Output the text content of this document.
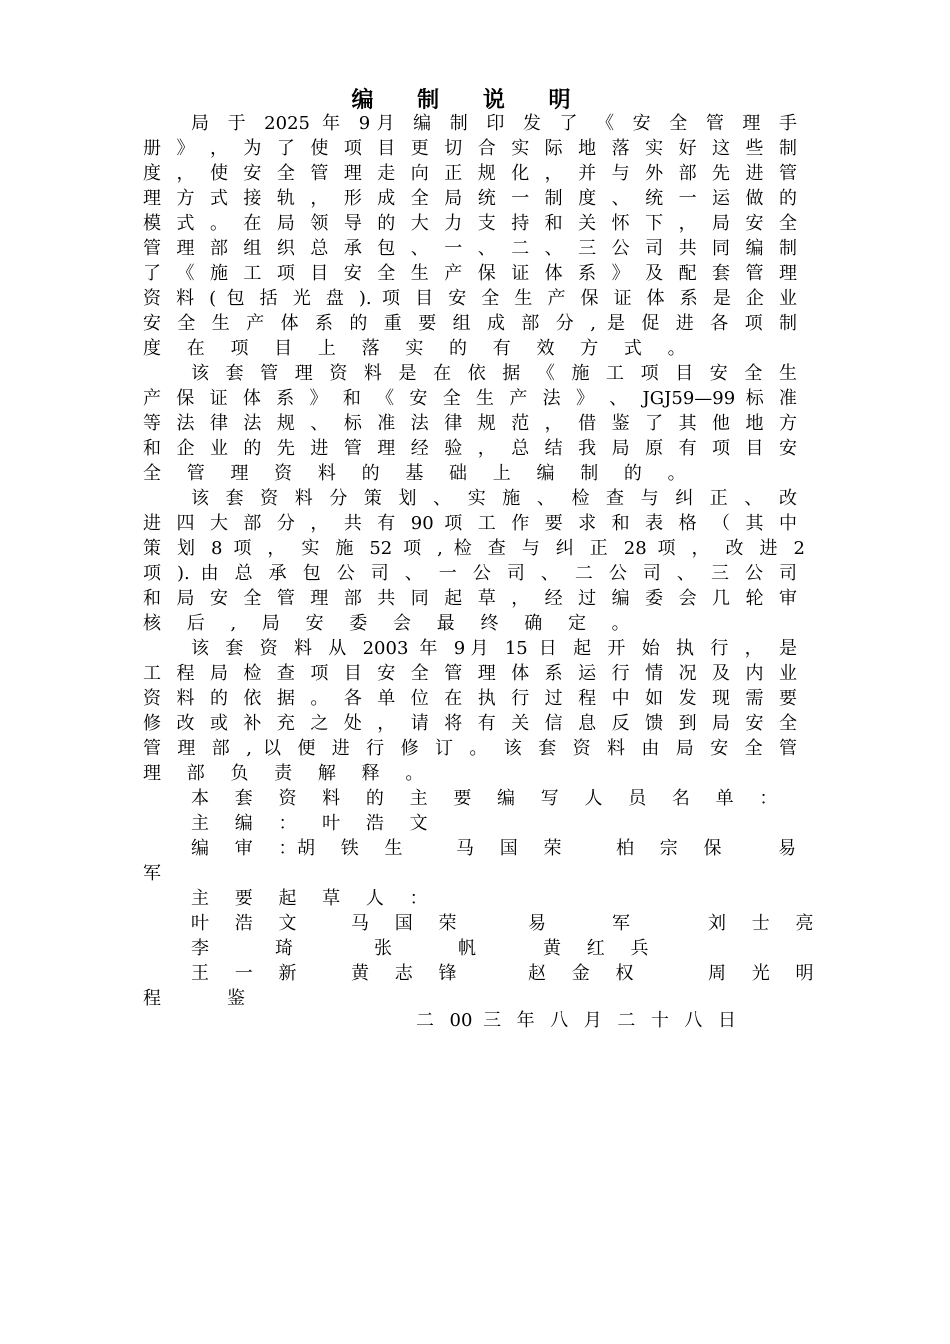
编 制 说 明
局 于 2025 年 9月 编 制 印 发 了 《 安 全 管 理 手
册 》 ， 为 了 使 项 目 更 切 合 实 际 地 落 实 好 这 些 制
度 ， 使 安 全 管 理 走 向 正 规 化 ， 并 与 外 部 先 进 管
理 方 式 接 轨 ， 形 成 全 局 统 一 制 度 、 统 一 运 做 的
模 式 。 在 局 领 导 的 大 力 支 持 和 关 怀 下 ， 局 安 全
管 理 部 组 织 总 承 包 、 一 、 二 、 三 公 司 共 同 编 制
了 《 施 工 项 目 安 全 生 产 保 证 体 系 》 及 配 套 管 理
资 料 ( 包 括 光 盘 ). 项 目 安 全 生 产 保 证 体 系 是 企 业
安 全 生 产 体 系 的 重 要 组 成 部 分 , 是 促 进 各 项 制
度 在 项 目 上 落 实 的 有 效 方 式 。
该 套 管 理 资 料 是 在 依 据 《 施 工 项 目 安 全 生
产 保 证 体 系 》 和 《 安 全 生 产 法 》 、 JGJ59—99 标 准
等 法 律 法 规 、 标 准 法 律 规 范 ， 借 鉴 了 其 他 地 方
和 企 业 的 先 进 管 理 经 验 ， 总 结 我 局 原 有 项 目 安
全 管 理 资 料 的 基 础 上 编 制 的 。
该 套 资 料 分 策 划 、 实 施 、 检 查 与 纠 正 、 改
进 四 大 部 分 ， 共 有 90 项 工 作 要 求 和 表 格 （ 其 中
策 划 8 项 ， 实 施 52 项 , 检 查 与 纠 正 28 项 ， 改 进 2
项 ). 由 总 承 包 公 司 、 一 公 司 、 二 公 司 、 三 公 司
和 局 安 全 管 理 部 共 同 起 草 ， 经 过 编 委 会 几 轮 审
核 后 , 局 安 委 会 最 终 确 定 。
该 套 资 料 从 2003 年 9月 15 日 起 开 始 执 行 ， 是
工 程 局 检 查 项 目 安 全 管 理 体 系 运 行 情 况 及 内 业
资 料 的 依 据 。 各 单 位 在 执 行 过 程 中 如 发 现 需 要
修 改 或 补 充 之 处 ， 请 将 有 关 信 息 反 馈 到 局 安 全
管 理 部 , 以 便 进 行 修 订 。 该 套 资 料 由 局 安 全 管
理 部 负 责 解 释 。
本 套 资 料 的 主 要 编 写 人 员 名 单 ：
主 编 ： 叶 浩 文
编 审 ：
胡 铁 生 马 国 荣 柏 宗 保	易
军
主 要 起 草 人 ：
叶 浩 文 马 国 荣	易　　军	刘 士 亮
李　　琦	张　　帆	黄 红 兵
王 一 新 黄 志 锋	赵 金 权	周 光 明
程　　鉴
二 00 三 年 八 月 二 十 八 日
